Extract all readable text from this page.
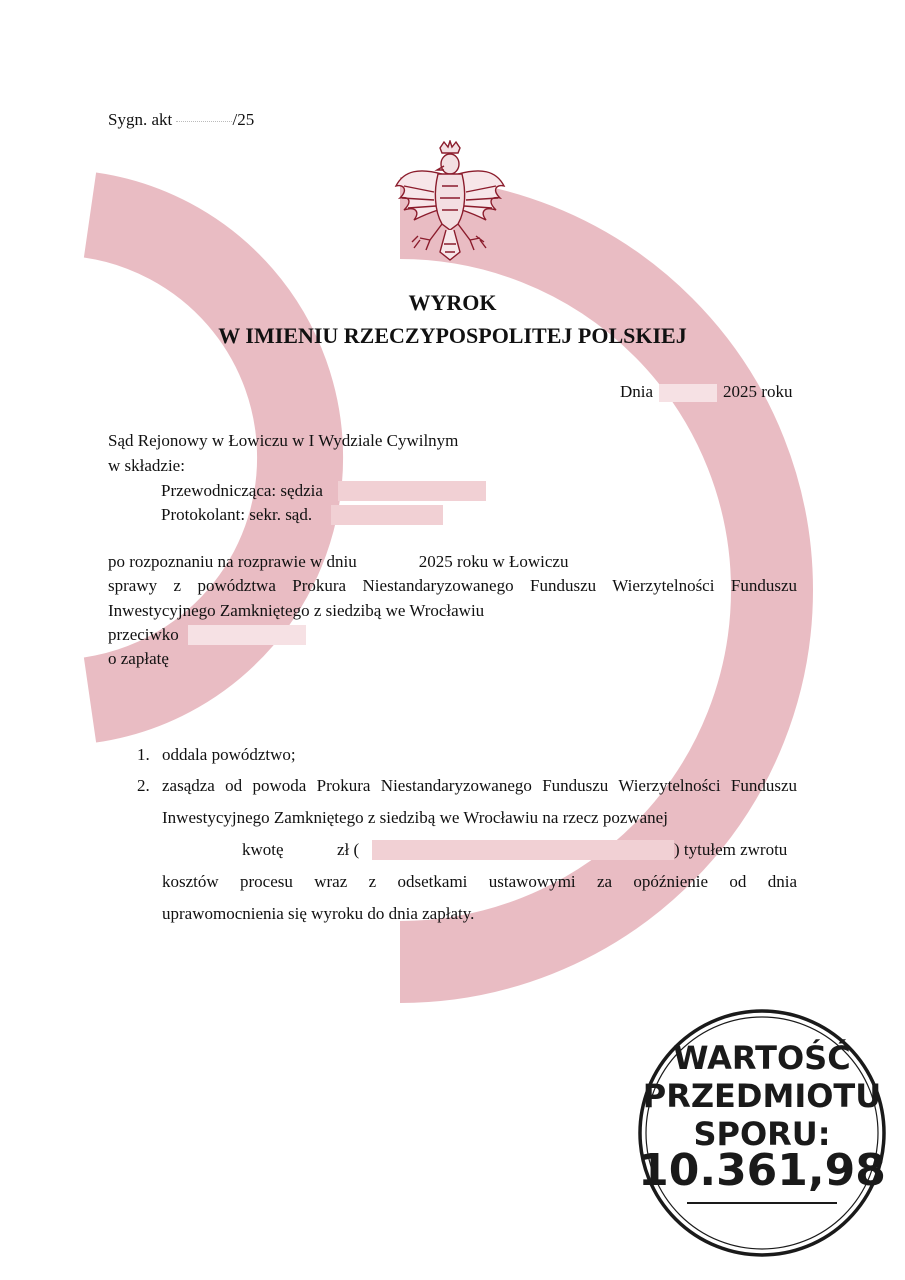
Sygn. akt	/25
WYROK
W IMIENIU RZECZYPOSPOLITEJ POLSKIEJ
Dnia	2025 roku
Sąd Rejonowy w Łowiczu w I Wydziale Cywilnym
w składzie:
Przewodnicząca: sędzia
Protokolant: sekr. sąd.
po rozpoznaniu na rozprawie w dniu	2025 roku w Łowiczu
sprawy z powództwa Prokura Niestandaryzowanego Funduszu Wierzytelności Funduszu
Inwestycyjnego Zamkniętego z siedzibą we Wrocławiu
przeciwko
o zapłatę
1. oddala powództwo;
2. zasądza od powoda Prokura Niestandaryzowanego Funduszu Wierzytelności Funduszu
Inwestycyjnego Zamkniętego z siedzibą we Wrocławiu na rzecz pozwanej
kwotę	zł (	) tytułem zwrotu
kosztów procesu wraz z odsetkami ustawowymi za opóźnienie od dnia
uprawomocnienia się wyroku do dnia zapłaty.
WARTOŚĆ
PRZEDMIOTU
SPORU:
10.361,98
